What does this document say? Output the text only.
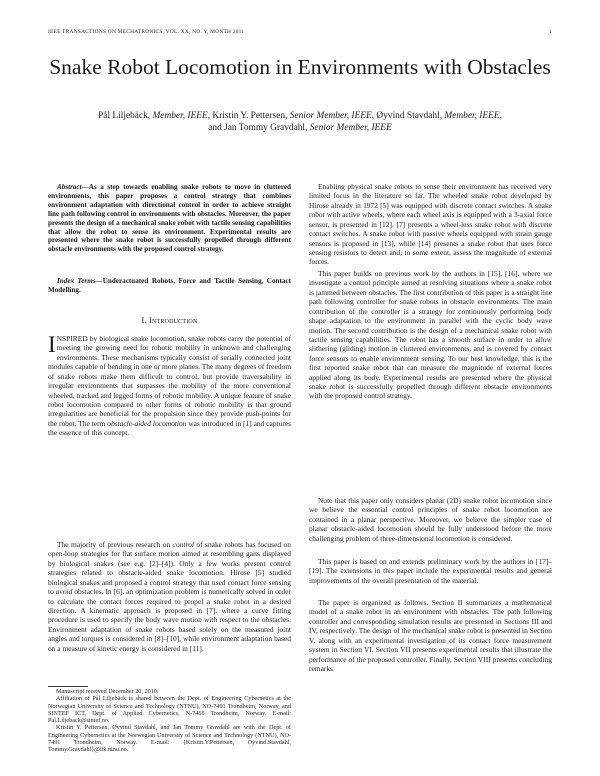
IEEE TRANSACTIONS ON MECHATRONICS, VOL. XX, NO. Y, MONTH 2011	1
Snake Robot Locomotion in Environments with Obstacles
Pål Liljebäck, Member, IEEE, Kristin Y. Pettersen, Senior Member, IEEE, Øyvind Stavdahl, Member, IEEE,
and Jan Tommy Gravdahl, Senior Member, IEEE

Abstract—As a step towards enabling snake robots to move in cluttered environments, this paper proposes a control strategy that combines environment adaptation with directional control in order to achieve straight line path following control in environments with obstacles. Moreover, the paper presents the design of a mechanical snake robot with tactile sensing capabilities that allow the robot to sense its environment. Experimental results are presented where the snake robot is successfully propelled through different obstacle environments with the proposed control strategy.

Index Terms—Underactuated Robots, Force and Tactile Sensing, Contact Modelling.

I. Introduction

INSPIRED by biological snake locomotion, snake robots carry the potential of meeting the growing need for robotic mobility in unknown and challenging environments. These mechanisms typically consist of serially connected joint modules capable of bending in one or more planes. The many degrees of freedom of snake robots make them difficult to control, but provide traversability in irregular environments that surpasses the mobility of the more conventional wheeled, tracked and legged forms of robotic mobility. A unique feature of snake robot locomotion compared to other forms of robotic mobility is that ground irregularities are beneficial for the propulsion since they provide push-points for the robot. The term obstacle-aided locomotion was introduced in [1] and captures the essence of this concept.

The majority of previous research on control of snake robots has focused on open-loop strategies for flat surface motion aimed at resembling gaits displayed by biological snakes (see e.g. [2]–[4]). Only a few works present control strategies related to obstacle-aided snake locomotion. Hirose [5] studied biological snakes and proposed a control strategy that used contact force sensing to avoid obstacles. In [6], an optimization problem is numerically solved in order to calculate the contact forces required to propel a snake robot in a desired direction. A kinematic approach is proposed in [7], where a curve fitting procedure is used to specify the body wave motion with respect to the obstacles. Environment adaptation of snake robots based solely on the measured joint angles and torques is considered in [8]–[10], while environment adaptation based on a measure of kinetic energy is considered in [11].

Manuscript received December 20, 2010.

Affiliation of Pål Liljebäck is shared between the Dept. of Engineering Cybernetics at the Norwegian University of Science and Technology (NTNU), NO-7491 Trondheim, Norway, and SINTEF ICT, Dept. of Applied Cybernetics, N-7465 Trondheim, Norway. E-mail: Pal.Liljeback@sintef.no.

Kristin Y. Pettersen, Øyvind Stavdahl, and Jan Tommy Gravdahl are with the Dept. of Engineering Cybernetics at the Norwegian University of Science and Technology (NTNU), NO-7491 Trondheim, Norway. E-mail: {Kristin.Y.Pettersen, Oyvind.Stavdahl, Tommy.Gravdahl}@itk.ntnu.no.

Enabling physical snake robots to sense their environment has received very limited focus in the literature so far. The wheeled snake robot developed by Hirose already in 1972 [5] was equipped with discrete contact switches. A snake robot with active wheels, where each wheel axis is equipped with a 3-axial force sensor, is presented in [12]. [7] presents a wheel-less snake robot with discrete contact switches. A snake robot with passive wheels equipped with strain gauge sensors is proposed in [13], while [14] presents a snake robot that uses force sensing resistors to detect and, to some extent, assess the magnitude of external forces.

This paper builds on previous work by the authors in [15], [16], where we investigate a control principle aimed at resolving situations where a snake robot is jammed between obstacles. The first contribution of this paper is a straight line path following controller for snake robots in obstacle environments. The main contribution of the controller is a strategy for continuously performing body shape adaptation to the environment in parallel with the cyclic body wave motion. The second contribution is the design of a mechanical snake robot with tactile sensing capabilities. The robot has a smooth surface in order to allow slithering (gliding) motion in cluttered environments, and is covered by contact force sensors to enable environment sensing. To our best knowledge, this is the first reported snake robot that can measure the magnitude of external forces applied along its body. Experimental results are presented where the physical snake robot is successfully propelled through different obstacle environments with the proposed control strategy.

Note that this paper only considers planar (2D) snake robot locomotion since we believe the essential control principles of snake robot locomotion are contained in a planar perspective. Moreover, we believe the simpler case of planar obstacle-aided locomotion should be fully understood before the more challenging problem of three-dimensional locomotion is considered.

This paper is based on and extends preliminary work by the authors in [17]–[19]. The extensions in this paper include the experimental results and general improvements of the overall presentation of the material.

The paper is organized as follows. Section II summarizes a mathematical model of a snake robot in an environment with obstacles. The path following controller and corresponding simulation results are presented in Sections III and IV, respectively. The design of the mechanical snake robot is presented in Section V, along with an experimental investigation of its contact force measurement system in Section VI. Section VII presents experimental results that illustrate the performance of the proposed controller. Finally, Section VIII presents concluding remarks.
